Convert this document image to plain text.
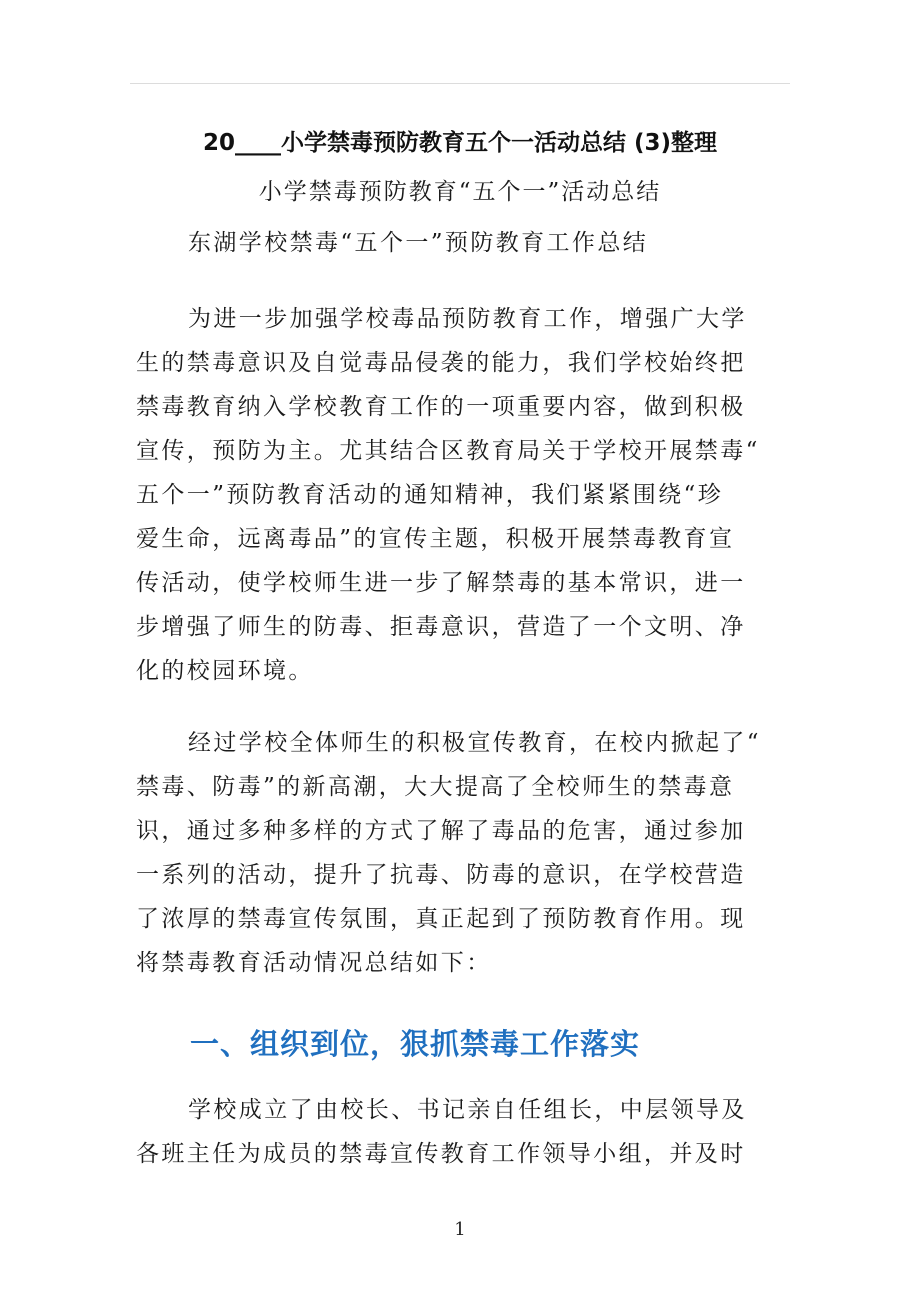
20____小学禁毒预防教育五个一活动总结 (3)整理
小学禁毒预防教育“五个一”活动总结

东湖学校禁毒“五个一”预防教育工作总结

为进一步加强学校毒品预防教育工作，增强广大学
生的禁毒意识及自觉毒品侵袭的能力，我们学校始终把
禁毒教育纳入学校教育工作的一项重要内容，做到积极
宣传，预防为主。尤其结合区教育局关于学校开展禁毒“
五个一”预防教育活动的通知精神，我们紧紧围绕“珍
爱生命，远离毒品”的宣传主题，积极开展禁毒教育宣
传活动，使学校师生进一步了解禁毒的基本常识，进一
步增强了师生的防毒、拒毒意识，营造了一个文明、净
化的校园环境。

经过学校全体师生的积极宣传教育，在校内掀起了“
禁毒、防毒”的新高潮，大大提高了全校师生的禁毒意
识，通过多种多样的方式了解了毒品的危害，通过参加
一系列的活动，提升了抗毒、防毒的意识，在学校营造
了浓厚的禁毒宣传氛围，真正起到了预防教育作用。现
将禁毒教育活动情况总结如下：

一、组织到位，狠抓禁毒工作落实

学校成立了由校长、书记亲自任组长，中层领导及
各班主任为成员的禁毒宣传教育工作领导小组，并及时

1
